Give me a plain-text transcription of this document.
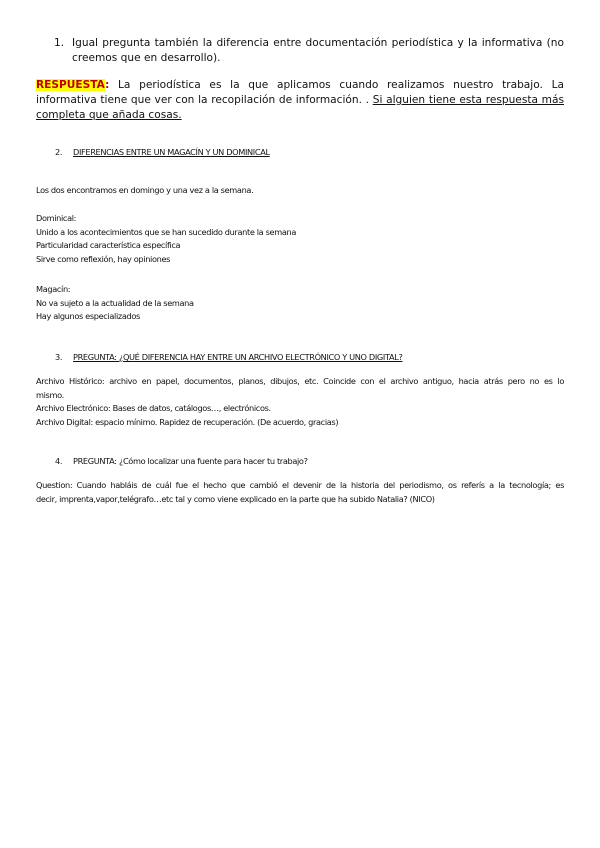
1. Igual pregunta también la diferencia entre documentación periodística y la informativa (no
creemos que en desarrollo).
RESPUESTA: La periodística es la que aplicamos cuando realizamos nuestro trabajo. La informativa tiene que ver con la recopilación de información. . Si alguien tiene esta respuesta más completa que añada cosas.
2. DIFERENCIAS ENTRE UN MAGACÍN Y UN DOMINICAL
Los dos encontramos en domingo y una vez a la semana.
Dominical:
Unido a los acontecimientos que se han sucedido durante la semana
Particularidad característica específica
Sirve como reflexión, hay opiniones
Magacín:
No va sujeto a la actualidad de la semana
Hay algunos especializados
3. PREGUNTA: ¿QUÉ DIFERENCIA HAY ENTRE UN ARCHIVO ELECTRÓNICO Y UNO DIGITAL?
Archivo Histórico: archivo en papel, documentos, planos, dibujos, etc. Coincide con el archivo antiguo, hacia atrás pero no es lo
mismo.
Archivo Electrónico: Bases de datos, catálogos…, electrónicos.
Archivo Digital: espacio mínimo. Rapidez de recuperación. (De acuerdo, gracias)
4. PREGUNTA: ¿Cómo localizar una fuente para hacer tu trabajo?
Question: Cuando habláis de cuál fue el hecho que cambió el devenir de la historia del periodismo, os referís a la tecnología; es
decir, imprenta,vapor,telégrafo…etc tal y como viene explicado en la parte que ha subido Natalia? (NICO)
